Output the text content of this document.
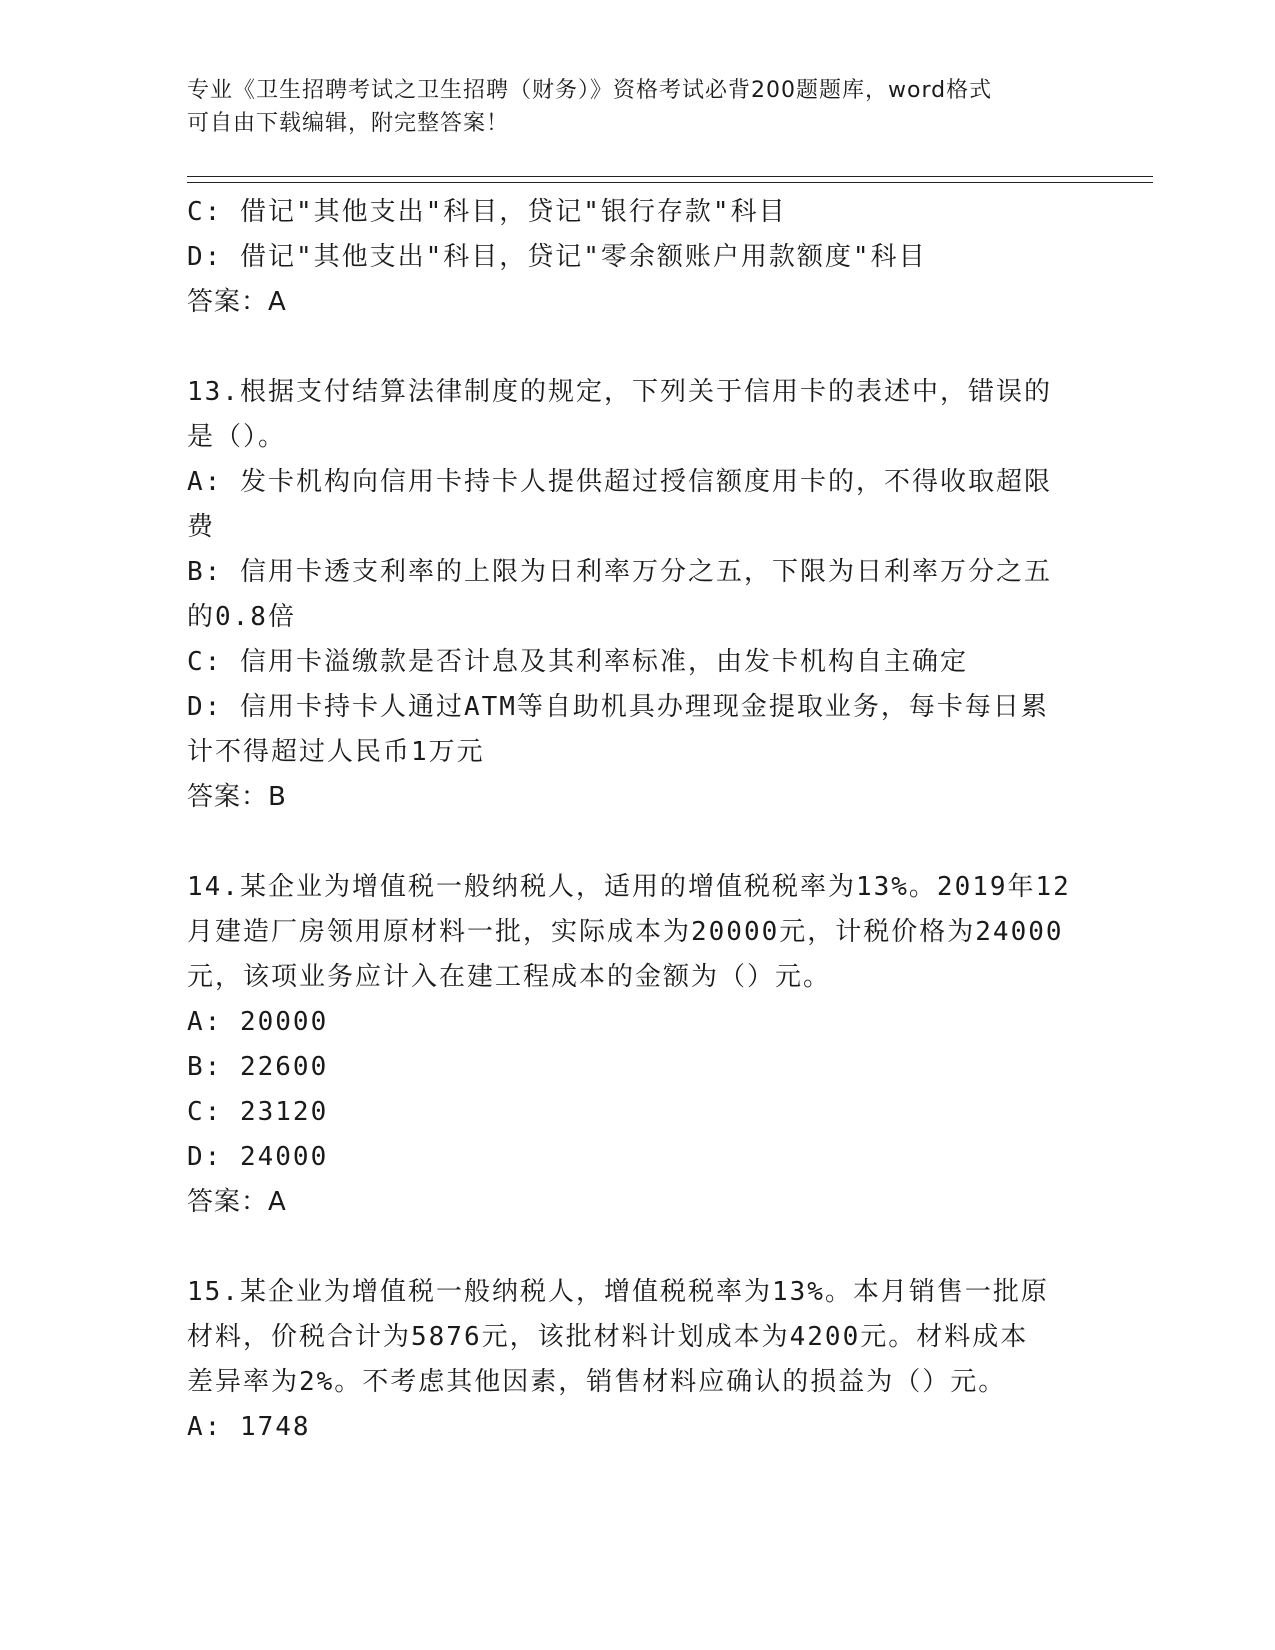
专业《卫生招聘考试之卫生招聘（财务）》资格考试必背200题题库，word格式
可自由下载编辑，附完整答案！
C: 借记"其他支出"科目，贷记"银行存款"科目
D: 借记"其他支出"科目，贷记"零余额账户用款额度"科目
答案：A
13.根据支付结算法律制度的规定，下列关于信用卡的表述中，错误的
是（）。
A: 发卡机构向信用卡持卡人提供超过授信额度用卡的，不得收取超限
费
B: 信用卡透支利率的上限为日利率万分之五，下限为日利率万分之五
的0.8倍
C: 信用卡溢缴款是否计息及其利率标准，由发卡机构自主确定
D: 信用卡持卡人通过ATM等自助机具办理现金提取业务，每卡每日累
计不得超过人民币1万元
答案：B
14.某企业为增值税一般纳税人，适用的增值税税率为13%。2019年12
月建造厂房领用原材料一批，实际成本为20000元，计税价格为24000
元，该项业务应计入在建工程成本的金额为（）元。
A: 20000
B: 22600
C: 23120
D: 24000
答案：A
15.某企业为增值税一般纳税人，增值税税率为13%。本月销售一批原
材料，价税合计为5876元，该批材料计划成本为4200元。材料成本
差异率为2%。不考虑其他因素，销售材料应确认的损益为（）元。
A: 1748
